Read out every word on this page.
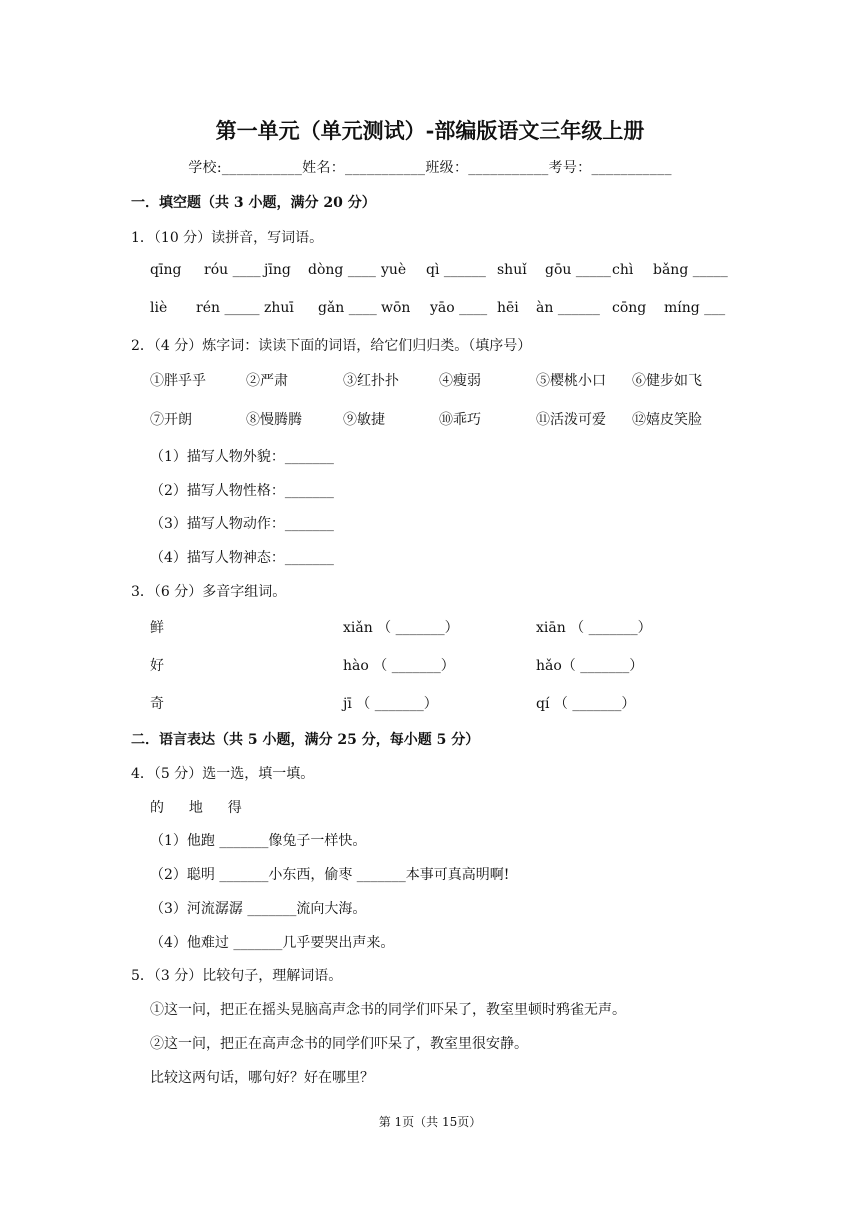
第一单元（单元测试）-部编版语文三年级上册
学校:___________姓名：___________班级：___________考号：___________
一．填空题（共 3 小题，满分 20 分）
1．（10 分）读拼音，写词语。
qīng róu ____ jīng dòng ____ yuè qì ______ shuǐ gōu _____ chì bǎng _____
liè rén _____ zhuī gǎn ____ wōn yāo ____ hēi àn ______ cōng míng ___
2．（4 分）炼字词：读读下面的词语，给它们归归类。（填序号）
①胖乎乎	②严肃	③红扑扑	④瘦弱	⑤樱桃小口 ⑥健步如飞
⑦开朗	⑧慢腾腾	⑨敏捷	⑩乖巧	⑪活泼可爱 ⑫嬉皮笑脸
（1）描写人物外貌：_______
（2）描写人物性格：_______
（3）描写人物动作：_______
（4）描写人物神态：_______
3．（6 分）多音字组词。
鲜	xiǎn （ _______）	xiān （ _______）
好	hào （ _______）	hǎo（ _______）
奇	jī （ _______）	qí （ _______）
二．语言表达（共 5 小题，满分 25 分，每小题 5 分）
4．（5 分）选一选，填一填。
的  地  得
（1）他跑 _______像兔子一样快。
（2）聪明 _______小东西，偷枣 _______本事可真高明啊!
（3）河流潺潺 _______流向大海。
（4）他难过 _______几乎要哭出声来。
5．（3 分）比较句子，理解词语。
①这一问，把正在摇头晃脑高声念书的同学们吓呆了，教室里顿时鸦雀无声。
②这一问，把正在高声念书的同学们吓呆了，教室里很安静。
比较这两句话，哪句好？好在哪里？
第 1页（共 15页）
